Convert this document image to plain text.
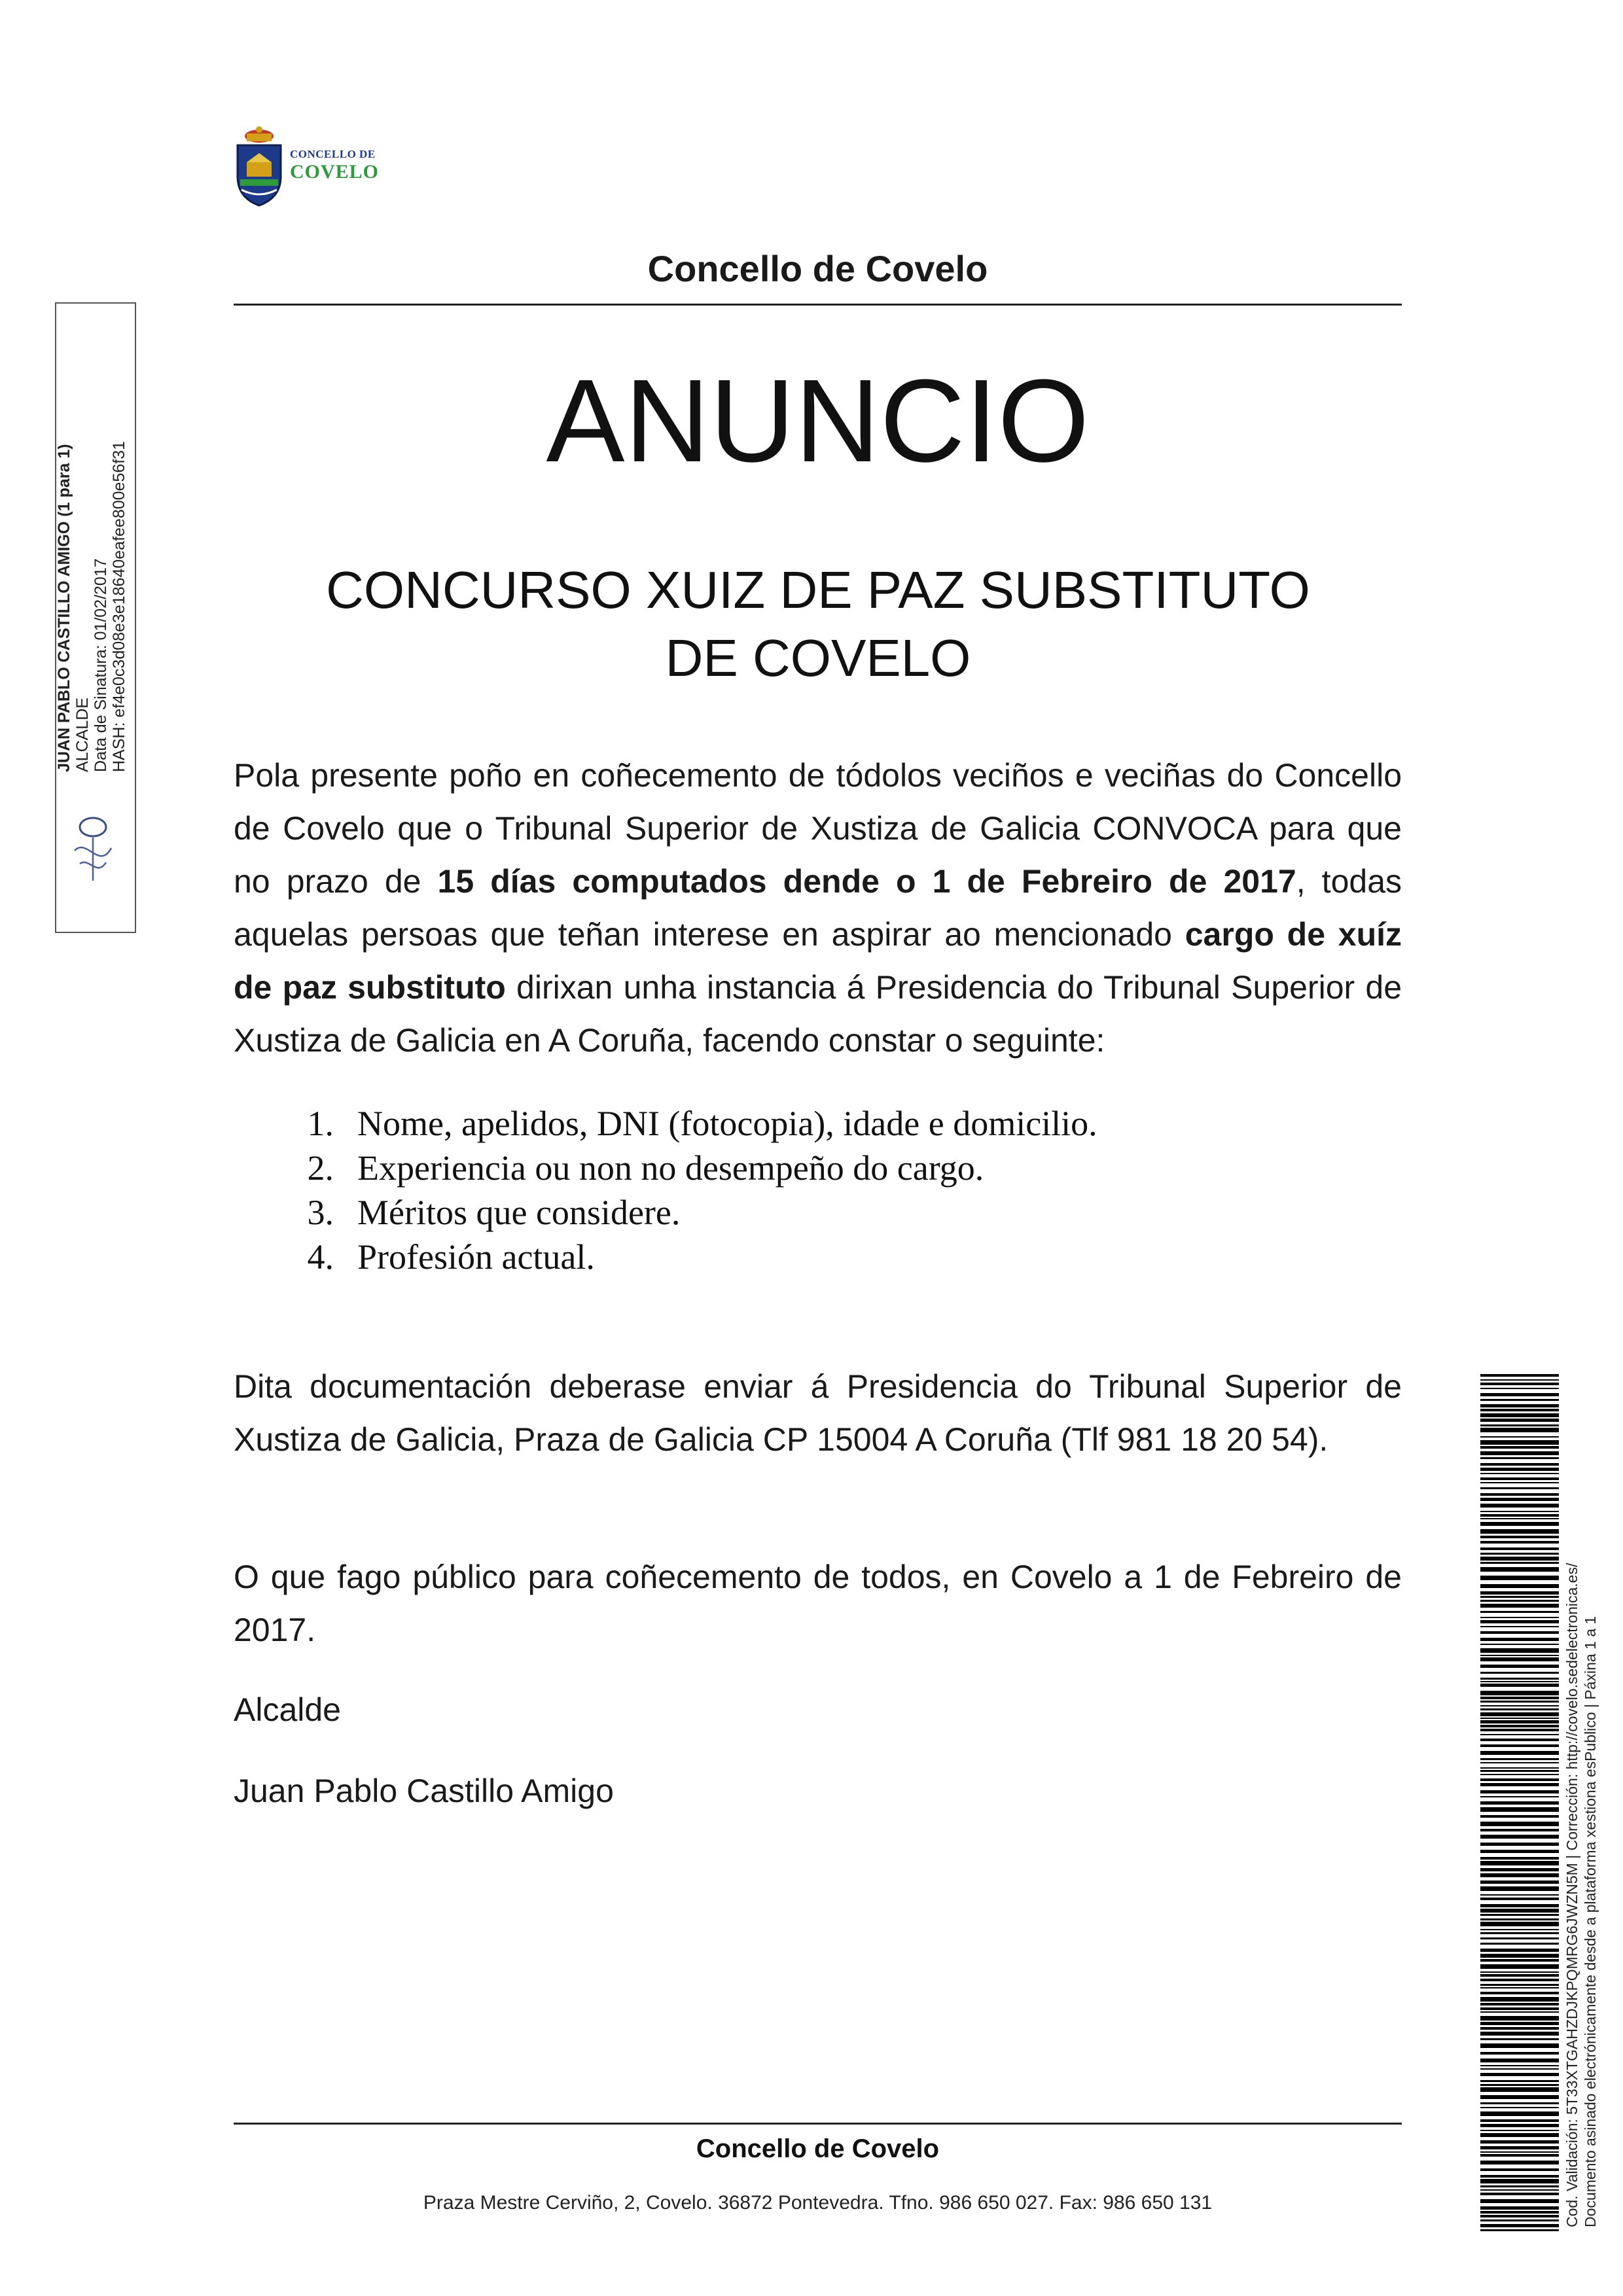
CONCELLO DE
COVELO
Concello de Covelo
ANUNCIO
CONCURSO XUIZ DE PAZ SUBSTITUTO DE COVELO

Pola presente poño en coñecemento de tódolos veciños e veciñas do Concello de Covelo que o Tribunal Superior de Xustiza de Galicia CONVOCA para que no prazo de 15 días computados dende o 1 de Febreiro de 2017, todas aquelas persoas que teñan interese en aspirar ao mencionado cargo de xuíz de paz substituto dirixan unha instancia á Presidencia do Tribunal Superior de Xustiza de Galicia en A Coruña, facendo constar o seguinte:

1. Nome, apelidos, DNI (fotocopia), idade e domicilio.
2. Experiencia ou non no desempeño do cargo.
3. Méritos que considere.
4. Profesión actual.

Dita documentación deberase enviar á Presidencia do Tribunal Superior de Xustiza de Galicia, Praza de Galicia CP 15004 A Coruña (Tlf 981 18 20 54).

O que fago público para coñecemento de todos, en Covelo a 1 de Febreiro de 2017.

Alcalde
Juan Pablo Castillo Amigo
Concello de Covelo
Praza Mestre Cerviño, 2, Covelo. 36872 Pontevedra. Tfno. 986 650 027. Fax: 986 650 131
JUAN PABLO CASTILLO AMIGO (1 para 1) ALCALDE Data de Sinatura: 01/02/2017 HASH: ef4e0c3d08e3e18640eafee800e56f31
Cod. Validación: 5T33XTGAHZDJKPQMRG6JWZN5M | Corrección: http://covelo.sedelectronica.es/ Documento asinado electrónicamente desde a plataforma xestiona esPublico | Páxina 1 a 1
